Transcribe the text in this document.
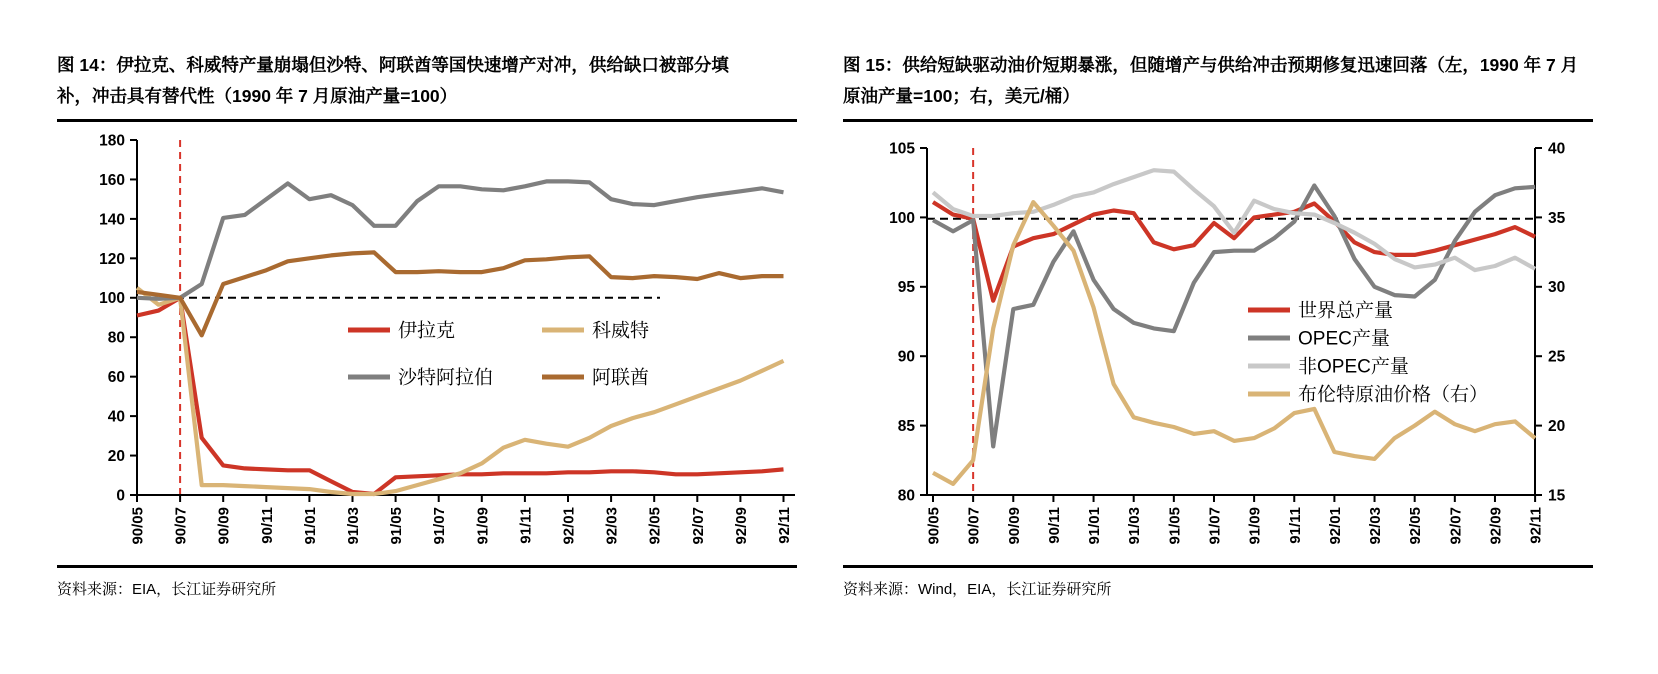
图 14：伊拉克、科威特产量崩塌但沙特、阿联酋等国快速增产对冲，供给缺口被部分填补，冲击具有替代性（1990 年 7 月原油产量=100）
0
20
40
60
80
100
120
140
160
180
90/05 90/07 90/09 90/11 91/01 91/03 91/05 91/07 91/09 91/11 92/01 92/03 92/05 92/07 92/09 92/11
伊拉克	科威特
沙特阿拉伯	阿联酋
资料来源：EIA，长江证券研究所
图 15：供给短缺驱动油价短期暴涨，但随增产与供给冲击预期修复迅速回落（左，1990 年 7 月原油产量=100；右，美元/桶）
80
85
90
95
100
105
15
20
25
30
35
40
90/05 90/07 90/09 90/11 91/01 91/03 91/05 91/07 91/09 91/11 92/01 92/03 92/05 92/07 92/09 92/11
世界总产量
OPEC产量
非OPEC产量
布伦特原油价格（右）
资料来源：Wind，EIA，长江证券研究所
